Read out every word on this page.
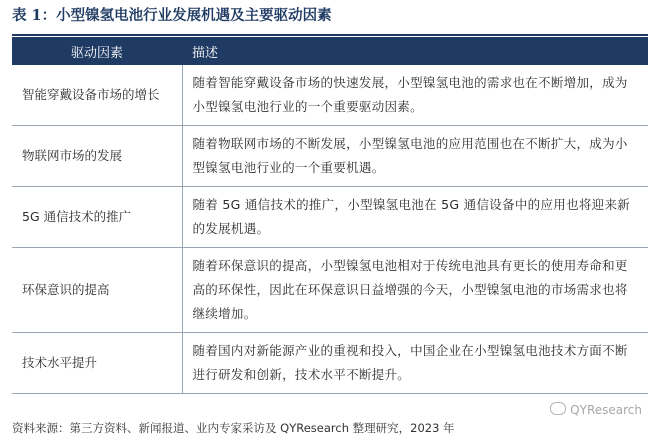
表 1：小型镍氢电池行业发展机遇及主要驱动因素
驱动因素	描述
智能穿戴设备市场的增长	随着智能穿戴设备市场的快速发展，小型镍氢电池的需求也在不断增加，成为小型镍氢电池行业的一个重要驱动因素。
物联网市场的发展	随着物联网市场的不断发展，小型镍氢电池的应用范围也在不断扩大，成为小型镍氢电池行业的一个重要机遇。
5G 通信技术的推广	随着 5G 通信技术的推广，小型镍氢电池在 5G 通信设备中的应用也将迎来新的发展机遇。
环保意识的提高	随着环保意识的提高，小型镍氢电池相对于传统电池具有更长的使用寿命和更高的环保性，因此在环保意识日益增强的今天，小型镍氢电池的市场需求也将继续增加。
技术水平提升	随着国内对新能源产业的重视和投入，中国企业在小型镍氢电池技术方面不断进行研发和创新，技术水平不断提升。
QYResearch
资料来源：第三方资料、新闻报道、业内专家采访及 QYResearch 整理研究，2023 年
